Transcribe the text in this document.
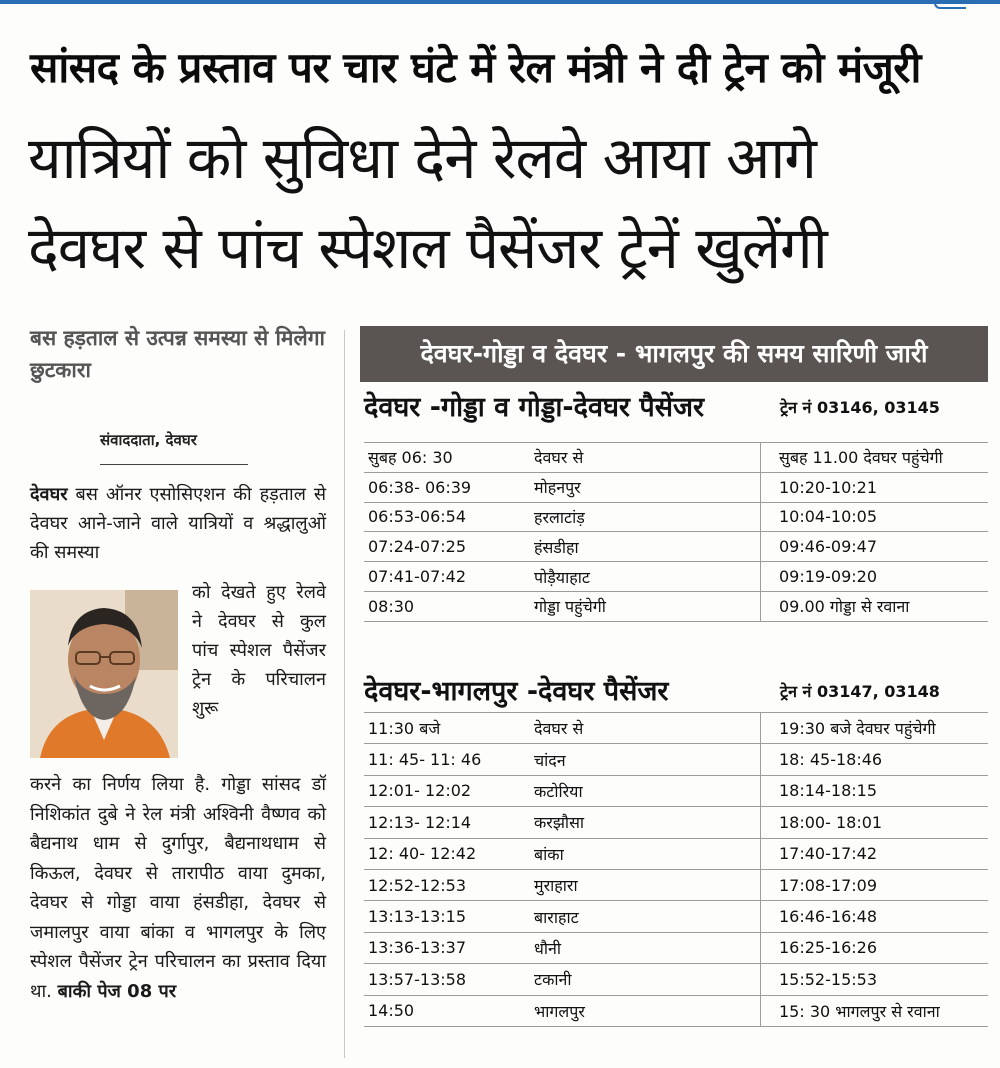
सांसद के प्रस्ताव पर चार घंटे में रेल मंत्री ने दी ट्रेन को मंजूरी
यात्रियों को सुविधा देने रेलवे आया आगे
देवघर से पांच स्पेशल पैसेंजर ट्रेनें खुलेंगी
बस हड़ताल से उत्पन्न समस्या से मिलेगा छुटकारा
संवाददाता, देवघर
देवघर बस ऑनर एसोसिएशन की हड़ताल से देवघर आने-जाने वाले यात्रियों व श्रद्धालुओं की समस्या
को देखते हुए रेलवे ने देवघर से कुल पांच स्पेशल पैसेंजर ट्रेन के परिचालन शुरू
करने का निर्णय लिया है. गोड्डा सांसद डॉ निशिकांत दुबे ने रेल मंत्री अश्विनी वैष्णव को बैद्यनाथ धाम से दुर्गापुर, बैद्यनाथधाम से किऊल, देवघर से तारापीठ वाया दुमका, देवघर से गोड्डा वाया हंसडीहा, देवघर से जमालपुर वाया बांका व भागलपुर के लिए स्पेशल पैसेंजर ट्रेन परिचालन का प्रस्ताव दिया था. बाकी पेज 08 पर
देवघर-गोड्डा व देवघर - भागलपुर की समय सारिणी जारी
देवघर -गोड्डा व गोड्डा-देवघर पैसेंजर	ट्रेन नं 03146, 03145
सुबह 06: 30	देवघर से	सुबह 11.00 देवघर पहुंचेगी
06:38- 06:39	मोहनपुर	10:20-10:21
06:53-06:54	हरलाटांड़	10:04-10:05
07:24-07:25	हंसडीहा	09:46-09:47
07:41-07:42	पोड़ैयाहाट	09:19-09:20
08:30	गोड्डा पहुंचेगी	09.00 गोड्डा से रवाना
देवघर-भागलपुर -देवघर पैसेंजर	ट्रेन नं 03147, 03148
11:30 बजे	देवघर से	19:30 बजे देवघर पहुंचेगी
11: 45- 11: 46	चांदन	18: 45-18:46
12:01- 12:02	कटोरिया	18:14-18:15
12:13- 12:14	करझौसा	18:00- 18:01
12: 40- 12:42	बांका	17:40-17:42
12:52-12:53	मुराहारा	17:08-17:09
13:13-13:15	बाराहाट	16:46-16:48
13:36-13:37	धौनी	16:25-16:26
13:57-13:58	टकानी	15:52-15:53
14:50	भागलपुर	15: 30 भागलपुर से रवाना
